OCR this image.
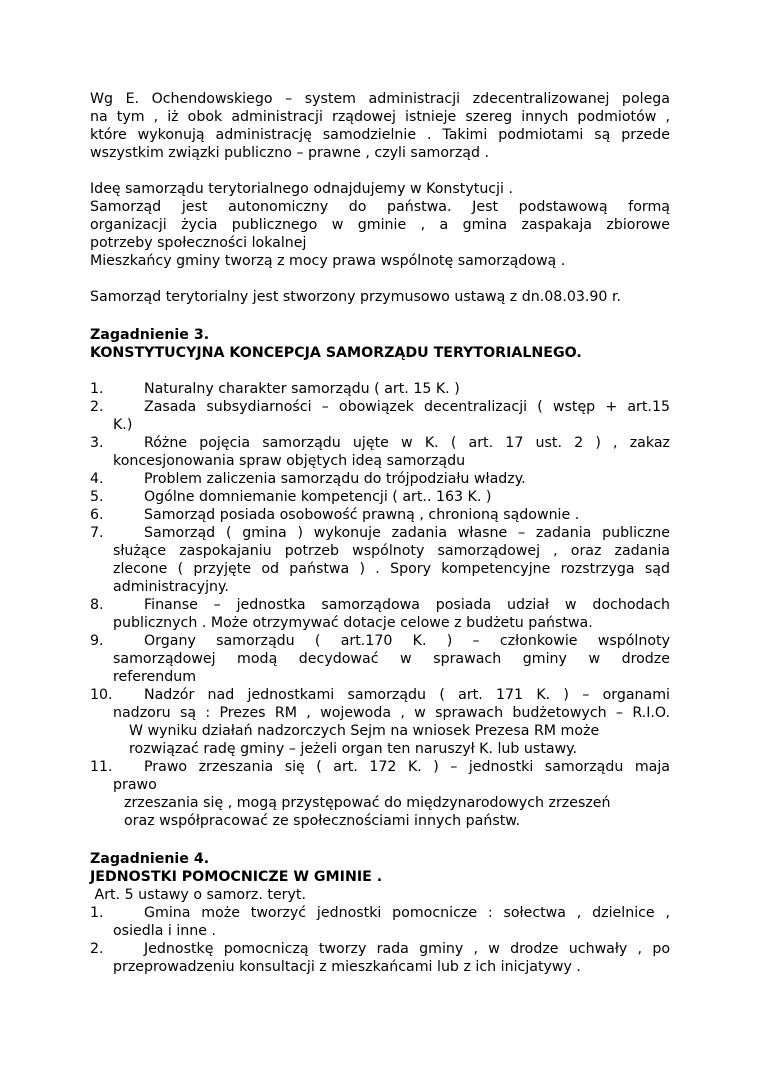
Wg E. Ochendowskiego – system administracji zdecentralizowanej polega
na tym , iż obok administracji rządowej istnieje szereg innych podmiotów ,
które wykonują administrację samodzielnie . Takimi podmiotami są przede
wszystkim związki publiczno – prawne , czyli samorząd .
Ideę samorządu terytorialnego odnajdujemy w Konstytucji .
Samorząd jest autonomiczny do państwa. Jest podstawową formą
organizacji życia publicznego w gminie , a gmina zaspakaja zbiorowe
potrzeby społeczności lokalnej
Mieszkańcy gminy tworzą z mocy prawa wspólnotę samorządową .
Samorząd terytorialny jest stworzony przymusowo ustawą z dn.08.03.90 r.
Zagadnienie 3.
KONSTYTUCYJNA KONCEPCJA SAMORZĄDU TERYTORIALNEGO.
1.	Naturalny charakter samorządu ( art. 15 K. )
2.	Zasada subsydiarności – obowiązek decentralizacji ( wstęp + art.15
K.)
3.	Różne pojęcia samorządu ujęte w K. ( art. 17 ust. 2 ) , zakaz
koncesjonowania spraw objętych ideą samorządu
4.	Problem zaliczenia samorządu do trójpodziału władzy.
5.	Ogólne domniemanie kompetencji ( art.. 163 K. )
6.	Samorząd posiada osobowość prawną , chronioną sądownie .
7.	Samorząd ( gmina ) wykonuje zadania własne – zadania publiczne
służące zaspokajaniu potrzeb wspólnoty samorządowej , oraz zadania
zlecone ( przyjęte od państwa ) . Spory kompetencyjne rozstrzyga sąd
administracyjny.
8.	Finanse – jednostka samorządowa posiada udział w dochodach
publicznych . Może otrzymywać dotacje celowe z budżetu państwa.
9.	Organy samorządu ( art.170 K. ) – członkowie wspólnoty
samorządowej modą decydować w sprawach gminy w drodze
referendum
10.	Nadzór nad jednostkami samorządu ( art. 171 K. ) – organami
nadzoru są : Prezes RM , wojewoda , w sprawach budżetowych – R.I.O.
W wyniku działań nadzorczych Sejm na wniosek Prezesa RM może
rozwiązać radę gminy – jeżeli organ ten naruszył K. lub ustawy.
11.	Prawo zrzeszania się ( art. 172 K. ) – jednostki samorządu maja
prawo
zrzeszania się , mogą przystępować do międzynarodowych zrzeszeń
oraz współpracować ze społecznościami innych państw.
Zagadnienie 4.
JEDNOSTKI POMOCNICZE W GMINIE .
Art. 5 ustawy o samorz. teryt.
1.	Gmina może tworzyć jednostki pomocnicze : sołectwa , dzielnice ,
osiedla i inne .
2.	Jednostkę pomocniczą tworzy rada gminy , w drodze uchwały , po
przeprowadzeniu konsultacji z mieszkańcami lub z ich inicjatywy .
